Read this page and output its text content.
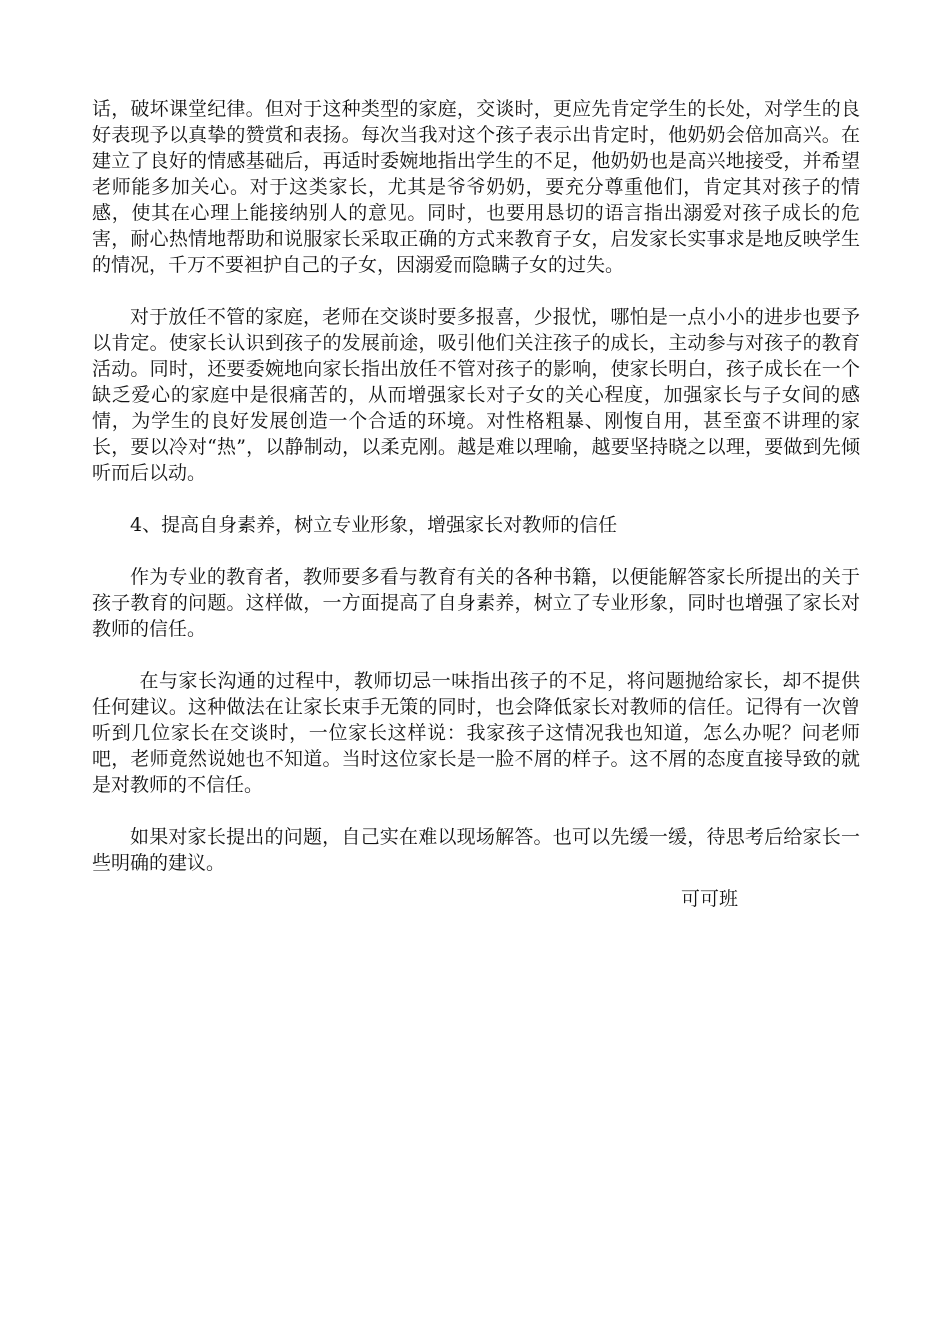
话，破坏课堂纪律。但对于这种类型的家庭，交谈时，更应先肯定学生的长处，对学生的良好表现予以真挚的赞赏和表扬。每次当我对这个孩子表示出肯定时，他奶奶会倍加高兴。在建立了良好的情感基础后，再适时委婉地指出学生的不足，他奶奶也是高兴地接受，并希望老师能多加关心。对于这类家长，尤其是爷爷奶奶，要充分尊重他们，肯定其对孩子的情感，使其在心理上能接纳别人的意见。同时，也要用恳切的语言指出溺爱对孩子成长的危害，耐心热情地帮助和说服家长采取正确的方式来教育子女，启发家长实事求是地反映学生的情况，千万不要袒护自己的子女，因溺爱而隐瞒子女的过失。

对于放任不管的家庭，老师在交谈时要多报喜，少报忧，哪怕是一点小小的进步也要予以肯定。使家长认识到孩子的发展前途，吸引他们关注孩子的成长，主动参与对孩子的教育活动。同时，还要委婉地向家长指出放任不管对孩子的影响，使家长明白，孩子成长在一个缺乏爱心的家庭中是很痛苦的，从而增强家长对子女的关心程度，加强家长与子女间的感情，为学生的良好发展创造一个合适的环境。对性格粗暴、刚愎自用，甚至蛮不讲理的家长，要以冷对“热”，以静制动，以柔克刚。越是难以理喻，越要坚持晓之以理，要做到先倾听而后以动。

4、提高自身素养，树立专业形象，增强家长对教师的信任

作为专业的教育者，教师要多看与教育有关的各种书籍，以便能解答家长所提出的关于孩子教育的问题。这样做，一方面提高了自身素养，树立了专业形象，同时也增强了家长对教师的信任。

在与家长沟通的过程中，教师切忌一味指出孩子的不足，将问题抛给家长，却不提供任何建议。这种做法在让家长束手无策的同时，也会降低家长对教师的信任。记得有一次曾听到几位家长在交谈时，一位家长这样说：我家孩子这情况我也知道，怎么办呢？问老师吧，老师竟然说她也不知道。当时这位家长是一脸不屑的样子。这不屑的态度直接导致的就是对教师的不信任。

如果对家长提出的问题，自己实在难以现场解答。也可以先缓一缓，待思考后给家长一些明确的建议。

可可班
